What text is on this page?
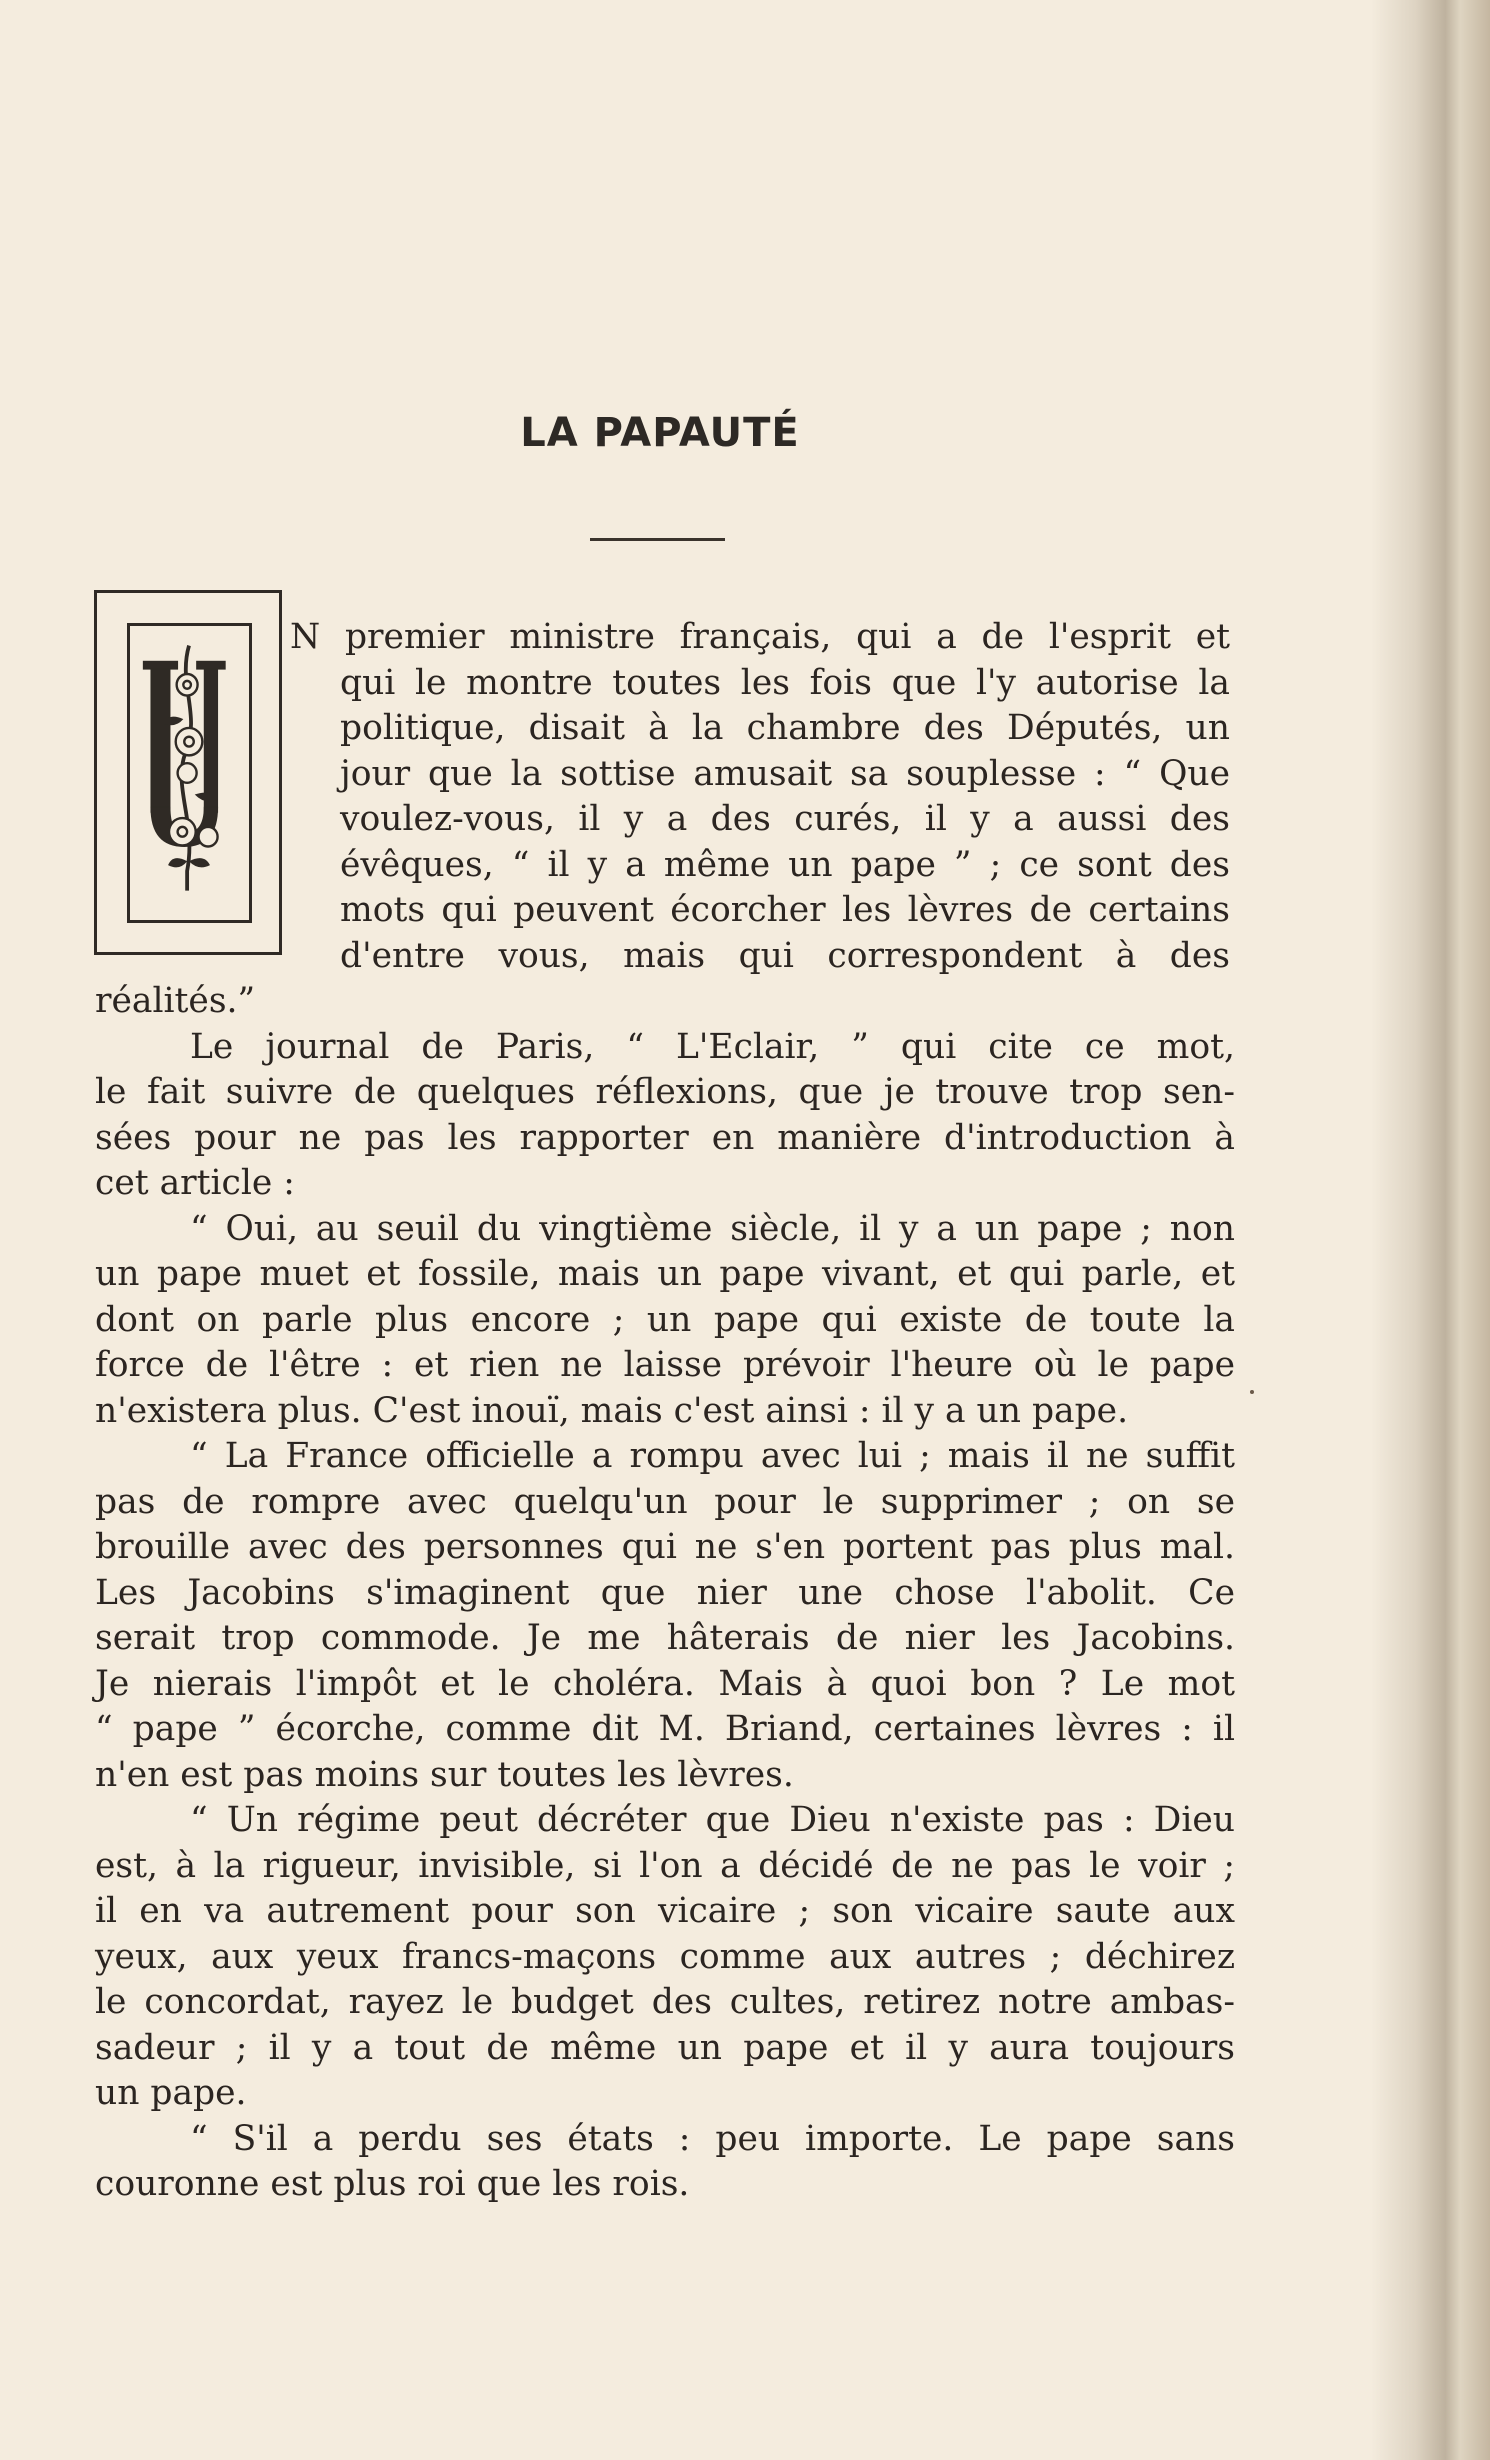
LA PAPAUTÉ
N premier ministre français, qui a de l'esprit et
qui le montre toutes les fois que l'y autorise la
politique, disait à la chambre des Députés, un
jour que la sottise amusait sa souplesse : “ Que
voulez-vous, il y a des curés, il y a aussi des
évêques, “ il y a même un pape ” ; ce sont des
mots qui peuvent écorcher les lèvres de certains
d'entre vous, mais qui correspondent à des
réalités.”
Le journal de Paris, “ L'Eclair, ” qui cite ce mot,
le fait suivre de quelques réflexions, que je trouve trop sen-
sées pour ne pas les rapporter en manière d'introduction à
cet article :
“ Oui, au seuil du vingtième siècle, il y a un pape ; non
un pape muet et fossile, mais un pape vivant, et qui parle, et
dont on parle plus encore ; un pape qui existe de toute la
force de l'être : et rien ne laisse prévoir l'heure où le pape
n'existera plus. C'est inouï, mais c'est ainsi : il y a un pape.
“ La France officielle a rompu avec lui ; mais il ne suffit
pas de rompre avec quelqu'un pour le supprimer ; on se
brouille avec des personnes qui ne s'en portent pas plus mal.
Les Jacobins s'imaginent que nier une chose l'abolit. Ce
serait trop commode. Je me hâterais de nier les Jacobins.
Je nierais l'impôt et le choléra. Mais à quoi bon ? Le mot
“ pape ” écorche, comme dit M. Briand, certaines lèvres : il
n'en est pas moins sur toutes les lèvres.
“ Un régime peut décréter que Dieu n'existe pas : Dieu
est, à la rigueur, invisible, si l'on a décidé de ne pas le voir ;
il en va autrement pour son vicaire ; son vicaire saute aux
yeux, aux yeux francs-maçons comme aux autres ; déchirez
le concordat, rayez le budget des cultes, retirez notre ambas-
sadeur ; il y a tout de même un pape et il y aura toujours
un pape.
“ S'il a perdu ses états : peu importe. Le pape sans
couronne est plus roi que les rois.
